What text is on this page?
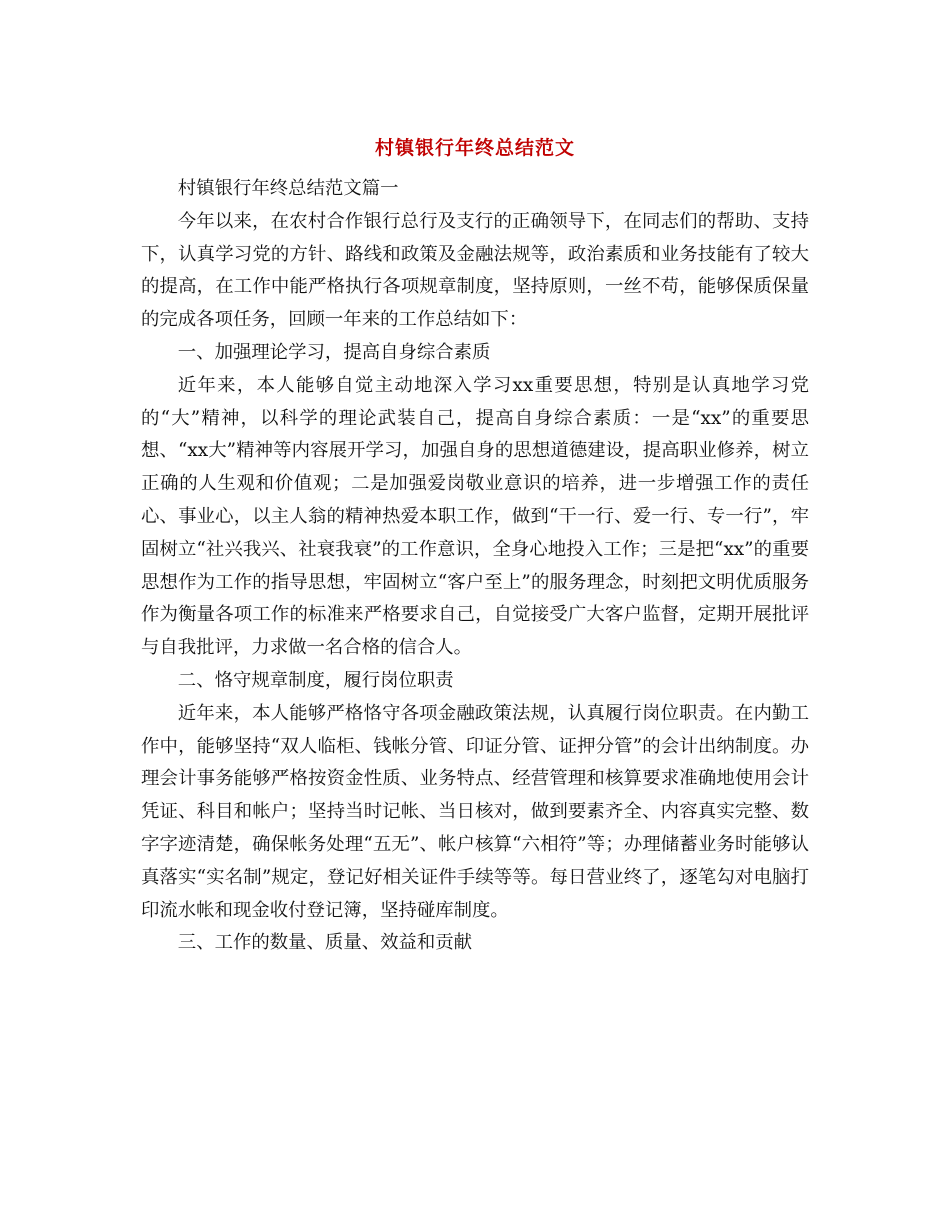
村镇银行年终总结范文

村镇银行年终总结范文篇一

今年以来，在农村合作银行总行及支行的正确领导下，在同志们的帮助、支持下，认真学习党的方针、路线和政策及金融法规等，政治素质和业务技能有了较大的提高，在工作中能严格执行各项规章制度，坚持原则，一丝不苟，能够保质保量的完成各项任务，回顾一年来的工作总结如下：

一、加强理论学习，提高自身综合素质

近年来，本人能够自觉主动地深入学习xx重要思想，特别是认真地学习党的“大”精神，以科学的理论武装自己，提高自身综合素质：一是“xx”的重要思想、“xx大”精神等内容展开学习，加强自身的思想道德建设，提高职业修养，树立正确的人生观和价值观；二是加强爱岗敬业意识的培养，进一步增强工作的责任心、事业心，以主人翁的精神热爱本职工作，做到“干一行、爱一行、专一行”，牢固树立“社兴我兴、社衰我衰”的工作意识，全身心地投入工作；三是把“xx”的重要思想作为工作的指导思想，牢固树立“客户至上”的服务理念，时刻把文明优质服务作为衡量各项工作的标准来严格要求自己，自觉接受广大客户监督，定期开展批评与自我批评，力求做一名合格的信合人。

二、恪守规章制度，履行岗位职责

近年来，本人能够严格恪守各项金融政策法规，认真履行岗位职责。在内勤工作中，能够坚持“双人临柜、钱帐分管、印证分管、证押分管”的会计出纳制度。办理会计事务能够严格按资金性质、业务特点、经营管理和核算要求准确地使用会计凭证、科目和帐户；坚持当时记帐、当日核对，做到要素齐全、内容真实完整、数字字迹清楚，确保帐务处理“五无”、帐户核算“六相符”等；办理储蓄业务时能够认真落实“实名制”规定，登记好相关证件手续等等。每日营业终了，逐笔勾对电脑打印流水帐和现金收付登记簿，坚持碰库制度。

三、工作的数量、质量、效益和贡献
